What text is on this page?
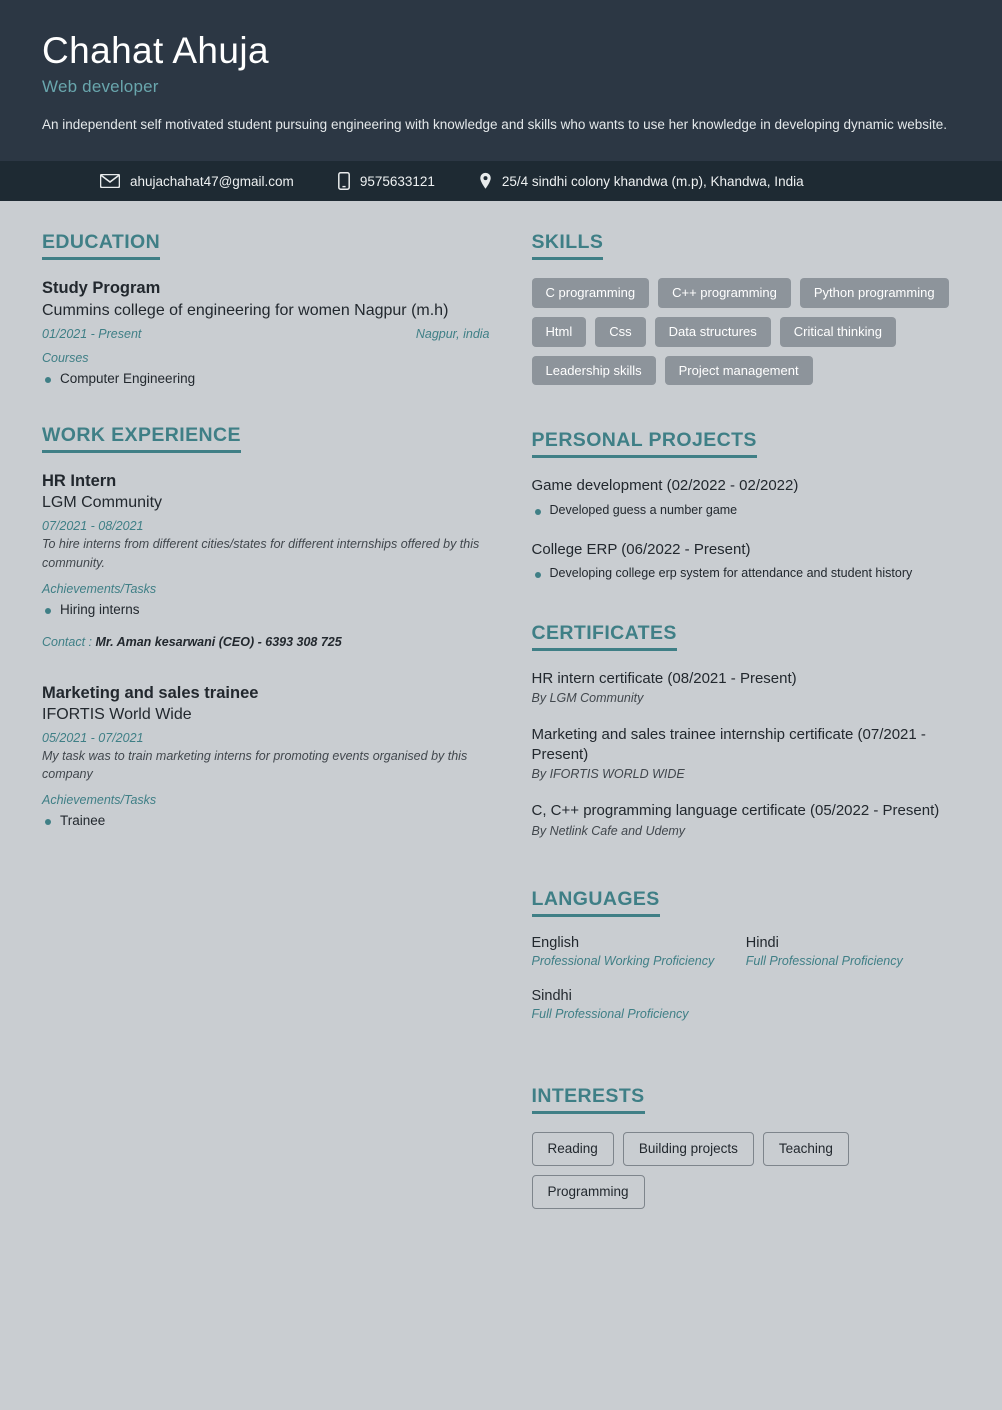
Chahat Ahuja
Web developer
An independent self motivated student pursuing engineering with knowledge and skills who wants to use her knowledge in developing dynamic website.
ahujachahat47@gmail.com	9575633121	25/4 sindhi colony khandwa (m.p), Khandwa, India
EDUCATION
Study Program
Cummins college of engineering for women Nagpur (m.h)
01/2021 - Present	Nagpur, india
Courses
Computer Engineering
WORK EXPERIENCE
HR Intern
LGM Community
07/2021 - 08/2021
To hire interns from different cities/states for different internships offered by this community.
Achievements/Tasks
Hiring interns
Contact : Mr. Aman kesarwani (CEO) - 6393 308 725
Marketing and sales trainee
IFORTIS World Wide
05/2021 - 07/2021
My task was to train marketing interns for promoting events organised by this company
Achievements/Tasks
Trainee
SKILLS
C programming	C++ programming	Python programming
Html	Css	Data structures	Critical thinking
Leadership skills	Project management
PERSONAL PROJECTS
Game development (02/2022 - 02/2022)
Developed guess a number game
College ERP (06/2022 - Present)
Developing college erp system for attendance and student history
CERTIFICATES
HR intern certificate (08/2021 - Present)
By LGM Community
Marketing and sales trainee internship certificate (07/2021 - Present)
By IFORTIS WORLD WIDE
C, C++ programming language certificate (05/2022 - Present)
By Netlink Cafe and Udemy
LANGUAGES
English
Professional Working Proficiency
Hindi
Full Professional Proficiency
Sindhi
Full Professional Proficiency
INTERESTS
Reading	Building projects	Teaching
Programming
